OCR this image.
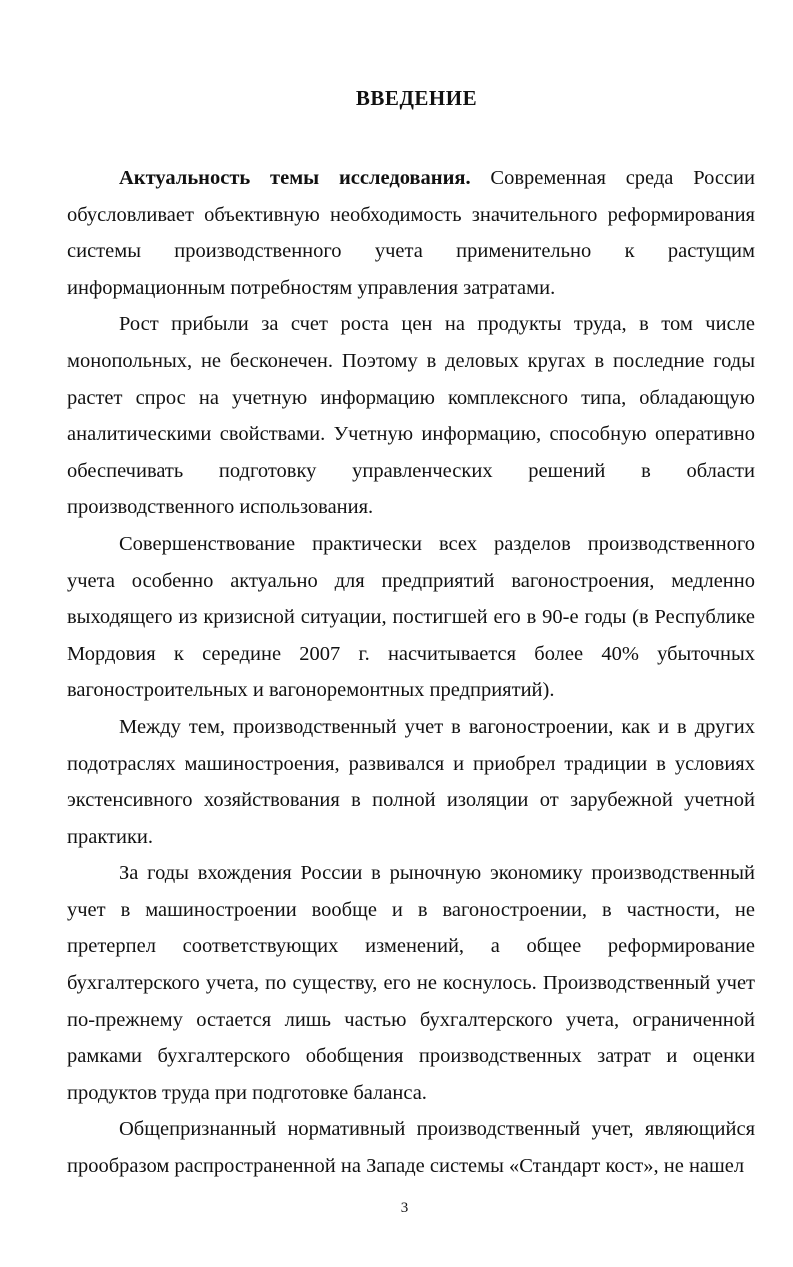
ВВЕДЕНИЕ

Актуальность темы исследования. Современная среда России обусловливает объективную необходимость значительного реформирования системы производственного учета применительно к растущим информационным потребностям управления затратами.

Рост прибыли за счет роста цен на продукты труда, в том числе монопольных, не бесконечен. Поэтому в деловых кругах в последние годы растет спрос на учетную информацию комплексного типа, обладающую аналитическими свойствами. Учетную информацию, способную оперативно обеспечивать подготовку управленческих решений в области производственного использования.

Совершенствование практически всех разделов производственного учета особенно актуально для предприятий вагоностроения, медленно выходящего из кризисной ситуации, постигшей его в 90-е годы (в Республике Мордовия к середине 2007 г. насчитывается более 40% убыточных вагоностроительных и вагоноремонтных предприятий).

Между тем, производственный учет в вагоностроении, как и в других подотраслях машиностроения, развивался и приобрел традиции в условиях экстенсивного хозяйствования в полной изоляции от зарубежной учетной практики.

За годы вхождения России в рыночную экономику производственный учет в машиностроении вообще и в вагоностроении, в частности, не претерпел соответствующих изменений, а общее реформирование бухгалтерского учета, по существу, его не коснулось. Производственный учет по-прежнему остается лишь частью бухгалтерского учета, ограниченной рамками бухгалтерского обобщения производственных затрат и оценки продуктов труда при подготовке баланса.

Общепризнанный нормативный производственный учет, являющийся прообразом распространенной на Западе системы «Стандарт кост», не нашел

3
